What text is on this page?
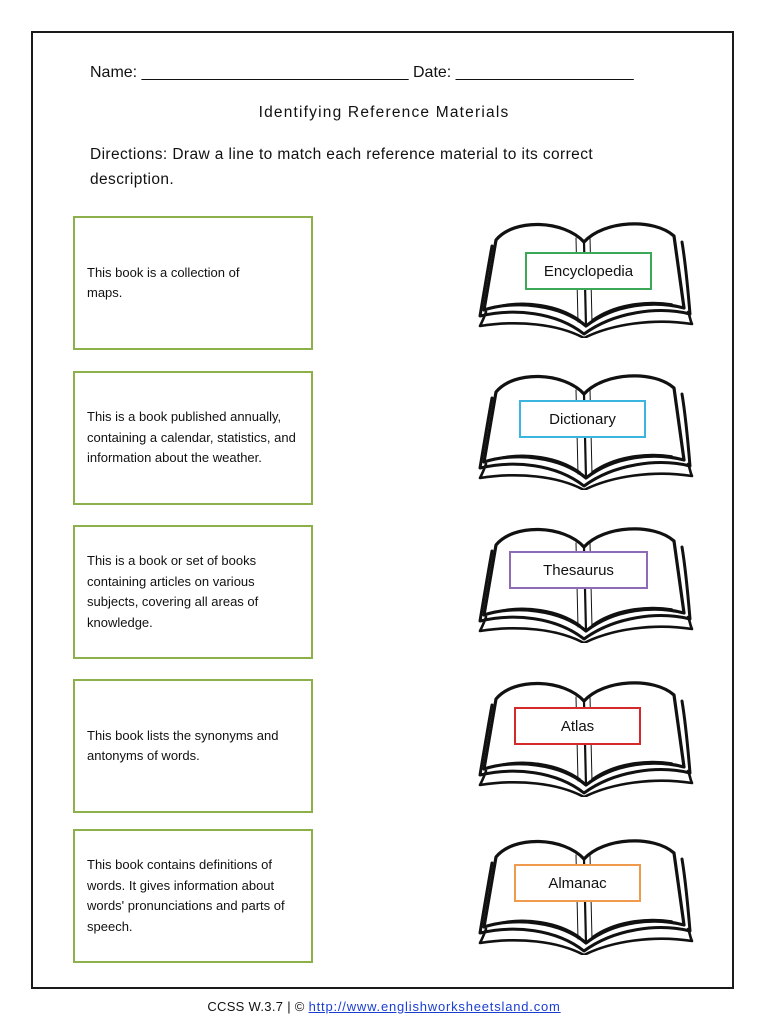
Name: ______________________________ Date: ____________________
Identifying Reference Materials
Directions: Draw a line to match each reference material to its correct description.
This book is a collection of maps.
This is a book published annually, containing a calendar, statistics, and information about the weather.
This is a book or set of books containing articles on various subjects, covering all areas of knowledge.
This book lists the synonyms and antonyms of words.
This book contains definitions of words. It gives information about words' pronunciations and parts of speech.
Encyclopedia
Dictionary
Thesaurus
Atlas
Almanac
CCSS W.3.7 | © http://www.englishworksheetsland.com
